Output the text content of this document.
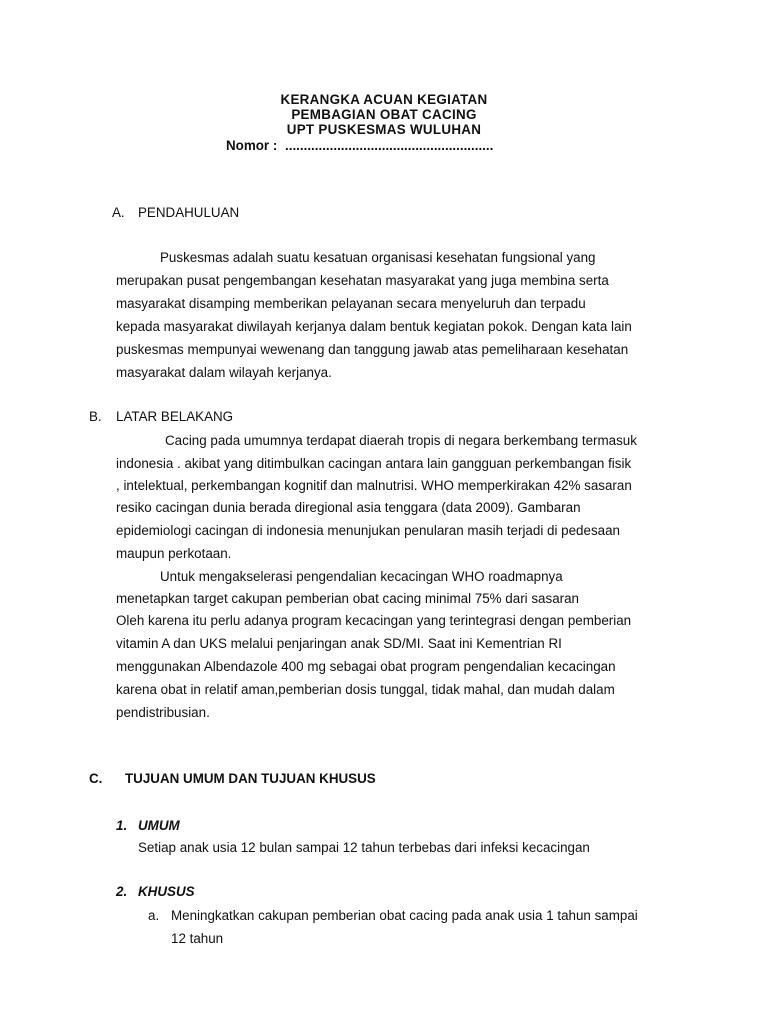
KERANGKA ACUAN KEGIATAN

PEMBAGIAN OBAT CACING

UPT PUSKESMAS WULUHAN

Nomor : ........................................................

A. PENDAHULUAN

Puskesmas adalah suatu kesatuan organisasi kesehatan fungsional yang

merupakan pusat pengembangan kesehatan masyarakat yang juga membina serta

masyarakat disamping memberikan pelayanan secara menyeluruh dan terpadu

kepada masyarakat diwilayah kerjanya dalam bentuk kegiatan pokok. Dengan kata lain

puskesmas mempunyai wewenang dan tanggung jawab atas pemeliharaan kesehatan

masyarakat dalam wilayah kerjanya.

B. LATAR BELAKANG

Cacing pada umumnya terdapat diaerah tropis di negara berkembang termasuk

indonesia . akibat yang ditimbulkan cacingan antara lain gangguan perkembangan fisik

, intelektual, perkembangan kognitif dan malnutrisi. WHO memperkirakan 42% sasaran

resiko cacingan dunia berada diregional asia tenggara (data 2009). Gambaran

epidemiologi cacingan di indonesia menunjukan penularan masih terjadi di pedesaan

maupun perkotaan.

Untuk mengakselerasi pengendalian kecacingan WHO roadmapnya

menetapkan target cakupan pemberian obat cacing minimal 75% dari sasaran

Oleh karena itu perlu adanya program kecacingan yang terintegrasi dengan pemberian

vitamin A dan UKS melalui penjaringan anak SD/MI. Saat ini Kementrian RI

menggunakan Albendazole 400 mg sebagai obat program pengendalian kecacingan

karena obat in relatif aman,pemberian dosis tunggal, tidak mahal, dan mudah dalam

pendistribusian.

C. TUJUAN UMUM DAN TUJUAN KHUSUS

1. UMUM

Setiap anak usia 12 bulan sampai 12 tahun terbebas dari infeksi kecacingan

2. KHUSUS

a. Meningkatkan cakupan pemberian obat cacing pada anak usia 1 tahun sampai

12 tahun
